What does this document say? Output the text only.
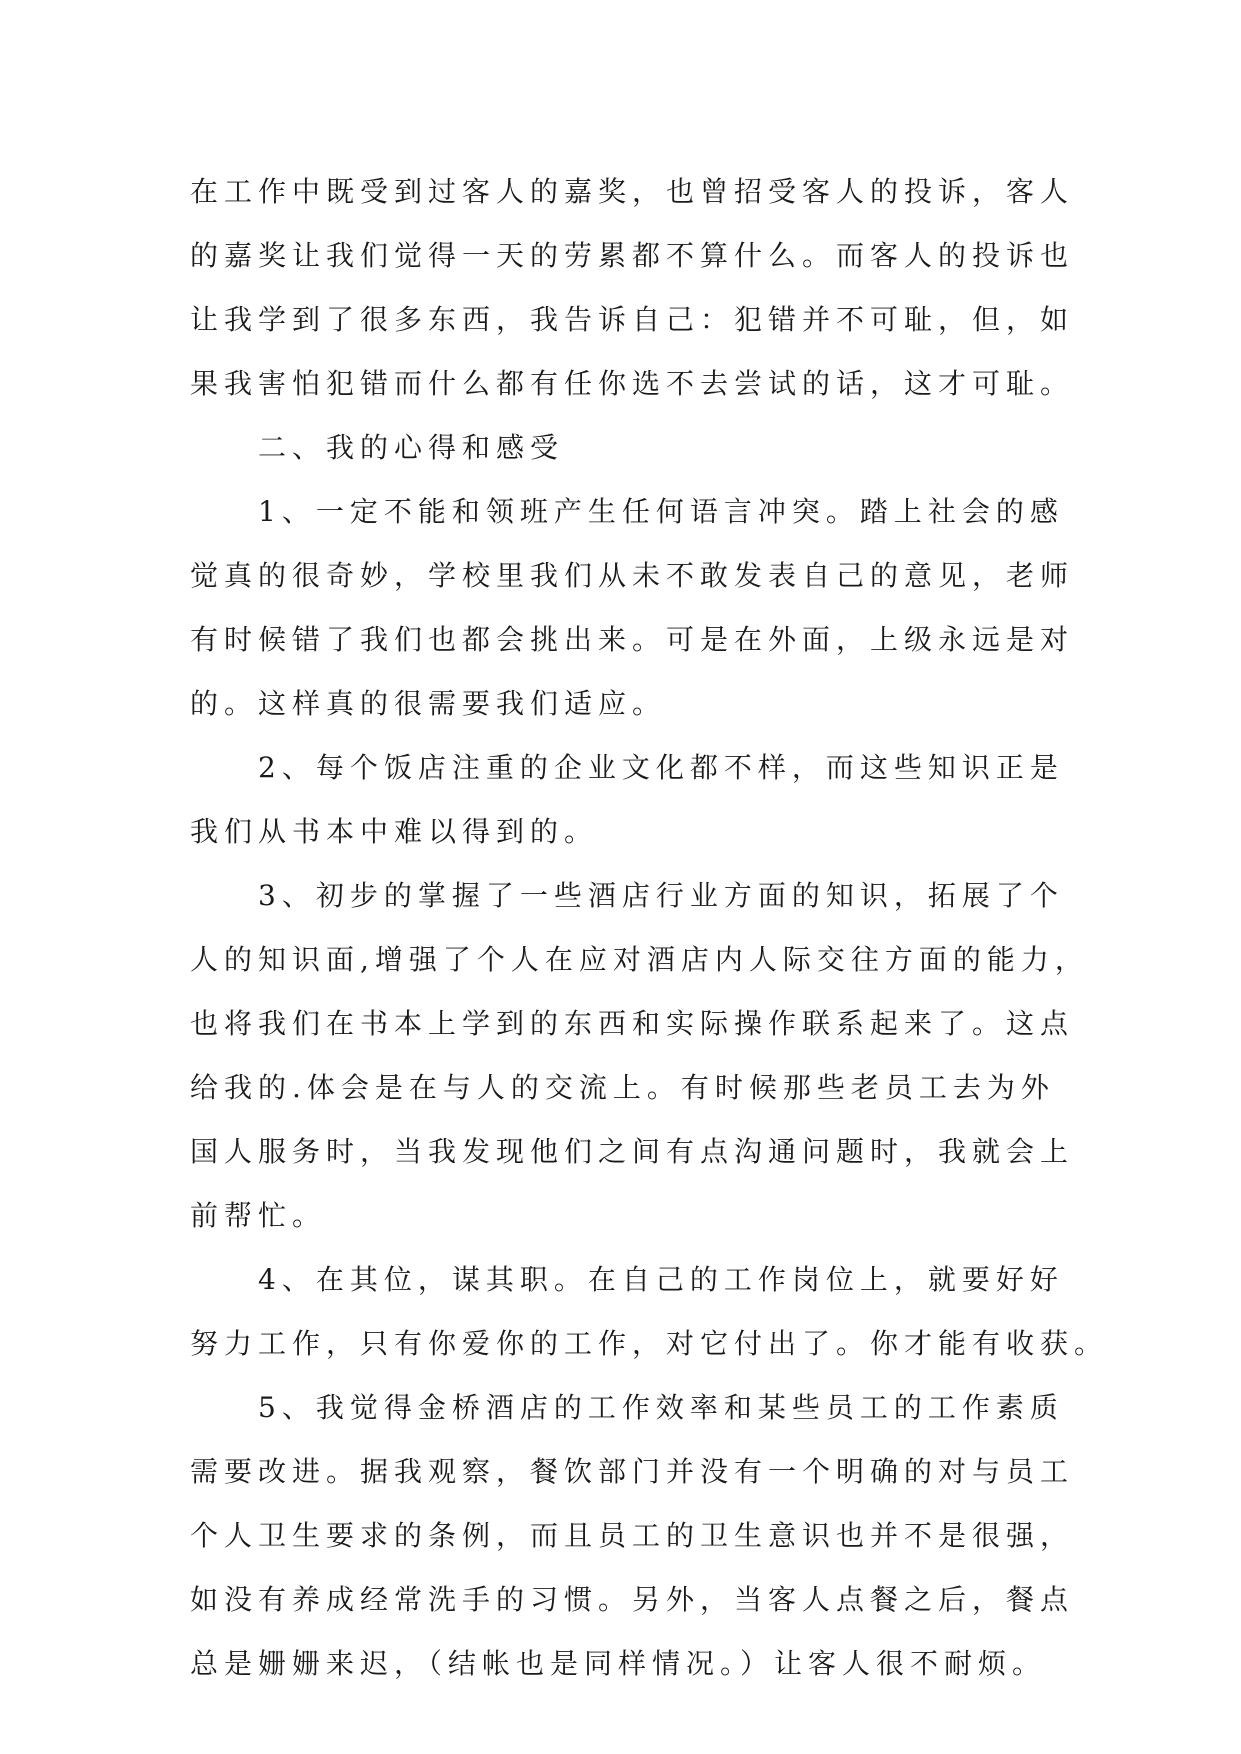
在工作中既受到过客人的嘉奖，也曾招受客人的投诉，客人
的嘉奖让我们觉得一天的劳累都不算什么。而客人的投诉也
让我学到了很多东西，我告诉自己：犯错并不可耻，但，如
果我害怕犯错而什么都有任你选不去尝试的话，这才可耻。
二、我的心得和感受
1、一定不能和领班产生任何语言冲突。踏上社会的感
觉真的很奇妙，学校里我们从未不敢发表自己的意见，老师
有时候错了我们也都会挑出来。可是在外面，上级永远是对
的。这样真的很需要我们适应。
2、每个饭店注重的企业文化都不样，而这些知识正是
我们从书本中难以得到的。
3、初步的掌握了一些酒店行业方面的知识，拓展了个
人的知识面,增强了个人在应对酒店内人际交往方面的能力，
也将我们在书本上学到的东西和实际操作联系起来了。这点
给我的.体会是在与人的交流上。有时候那些老员工去为外
国人服务时，当我发现他们之间有点沟通问题时，我就会上
前帮忙。
4、在其位，谋其职。在自己的工作岗位上，就要好好
努力工作，只有你爱你的工作，对它付出了。你才能有收获。
5、我觉得金桥酒店的工作效率和某些员工的工作素质
需要改进。据我观察，餐饮部门并没有一个明确的对与员工
个人卫生要求的条例，而且员工的卫生意识也并不是很强，
如没有养成经常洗手的习惯。另外，当客人点餐之后，餐点
总是姗姗来迟，（结帐也是同样情况。）让客人很不耐烦。
